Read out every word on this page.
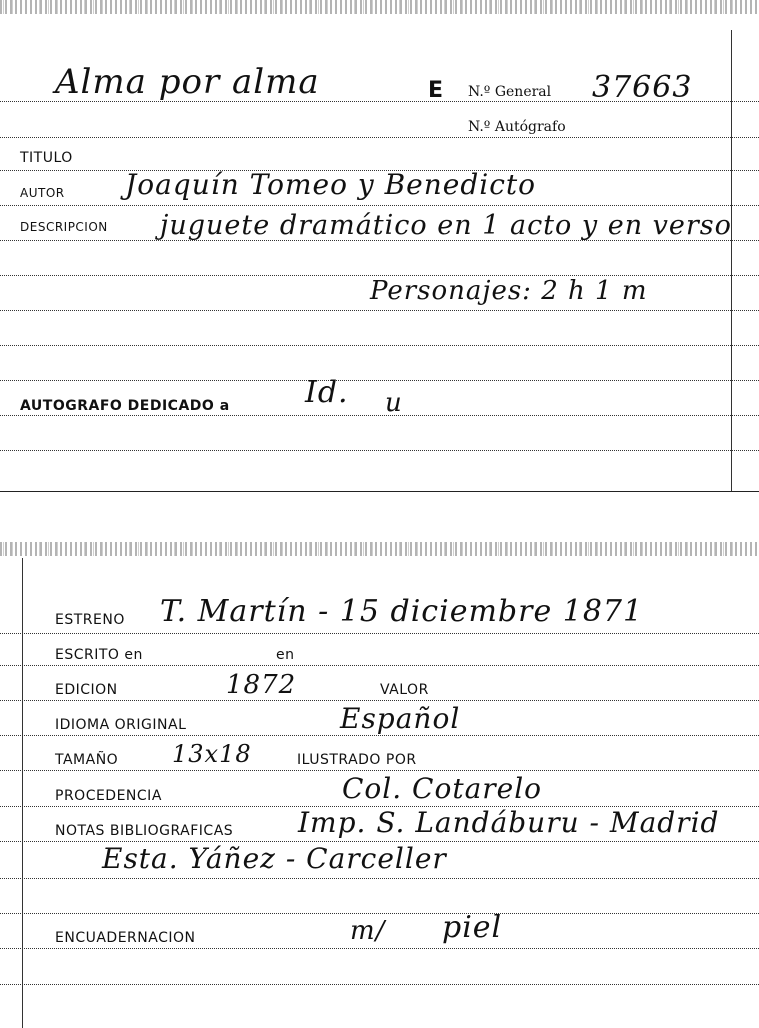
Alma por alma	E N.º General 37663
N.º Autógrafo
TITULO
AUTOR Joaquín Tomeo y Benedicto
DESCRIPCION juguete dramático en 1 acto y en verso
Personajes: 2 h 1 m
AUTOGRAFO DEDICADO a	Id. u
ESTRENO T. Martín - 15 diciembre 1871
ESCRITO en	en
EDICION	1872	VALOR
IDIOMA ORIGINAL	Español
TAMAÑO 13x18	ILUSTRADO POR
PROCEDENCIA	Col. Cotarelo
NOTAS BIBLIOGRAFICAS Imp. S. Landáburu - Madrid
Esta. Yáñez - Carceller
ENCUADERNACION	m/ piel
